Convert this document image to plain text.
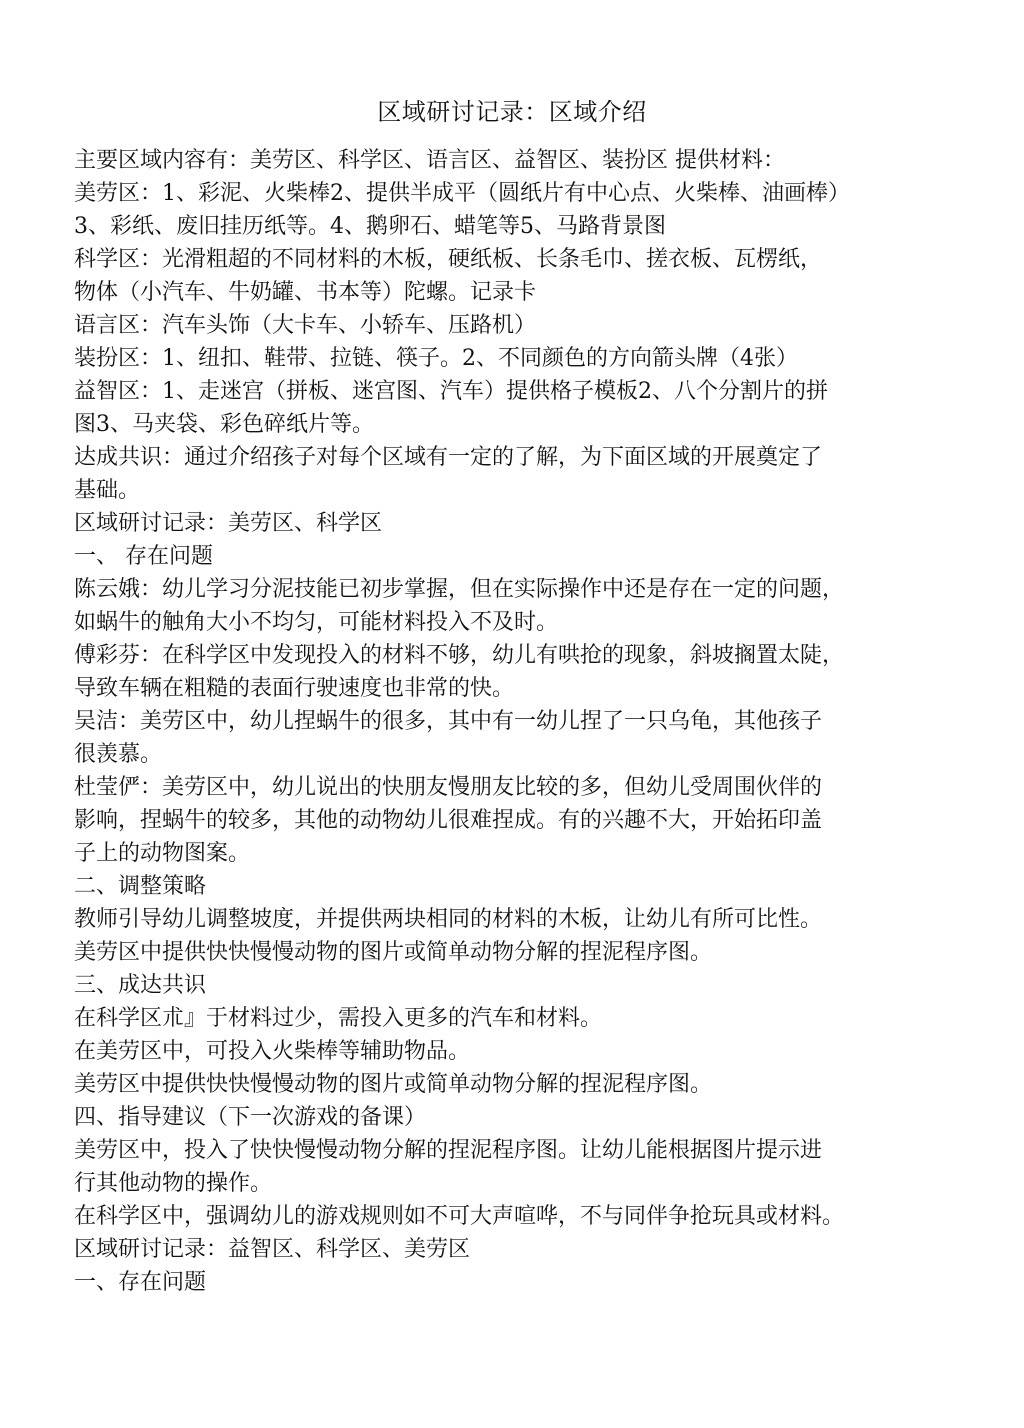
区域研讨记录：区域介绍
主要区域内容有：美劳区、科学区、语言区、益智区、装扮区 提供材料：
美劳区：1、彩泥、火柴棒2、提供半成平（圆纸片有中心点、火柴棒、油画棒）
3、彩纸、废旧挂历纸等。4、鹅卵石、蜡笔等5、马路背景图
科学区：光滑粗超的不同材料的木板，硬纸板、长条毛巾、搓衣板、瓦楞纸，
物体（小汽车、牛奶罐、书本等）陀螺。记录卡
语言区：汽车头饰（大卡车、小轿车、压路机）
装扮区：1、纽扣、鞋带、拉链、筷子。2、不同颜色的方向箭头牌（4张）
益智区：1、走迷宫（拼板、迷宫图、汽车）提供格子模板2、八个分割片的拼
图3、马夹袋、彩色碎纸片等。
达成共识：通过介绍孩子对每个区域有一定的了解，为下面区域的开展奠定了
基础。
区域研讨记录：美劳区、科学区
一、 存在问题
陈云娥：幼儿学习分泥技能已初步掌握，但在实际操作中还是存在一定的问题，
如蜗牛的触角大小不均匀，可能材料投入不及时。
傅彩芬：在科学区中发现投入的材料不够，幼儿有哄抢的现象，斜坡搁置太陡，
导致车辆在粗糙的表面行驶速度也非常的快。
吴洁：美劳区中，幼儿捏蜗牛的很多，其中有一幼儿捏了一只乌龟，其他孩子
很羡慕。
杜莹俨：美劳区中，幼儿说出的快朋友慢朋友比较的多，但幼儿受周围伙伴的
影响，捏蜗牛的较多，其他的动物幼儿很难捏成。有的兴趣不大，开始拓印盖
子上的动物图案。
二、调整策略
教师引导幼儿调整坡度，并提供两块相同的材料的木板，让幼儿有所可比性。
美劳区中提供快快慢慢动物的图片或简单动物分解的捏泥程序图。
三、成达共识
在科学区朮』于材料过少，需投入更多的汽车和材料。
在美劳区中，可投入火柴棒等辅助物品。
美劳区中提供快快慢慢动物的图片或简单动物分解的捏泥程序图。
四、指导建议（下一次游戏的备课）
美劳区中，投入了快快慢慢动物分解的捏泥程序图。让幼儿能根据图片提示进
行其他动物的操作。
在科学区中，强调幼儿的游戏规则如不可大声喧哗，不与同伴争抢玩具或材料。
区域研讨记录：益智区、科学区、美劳区
一、存在问题
